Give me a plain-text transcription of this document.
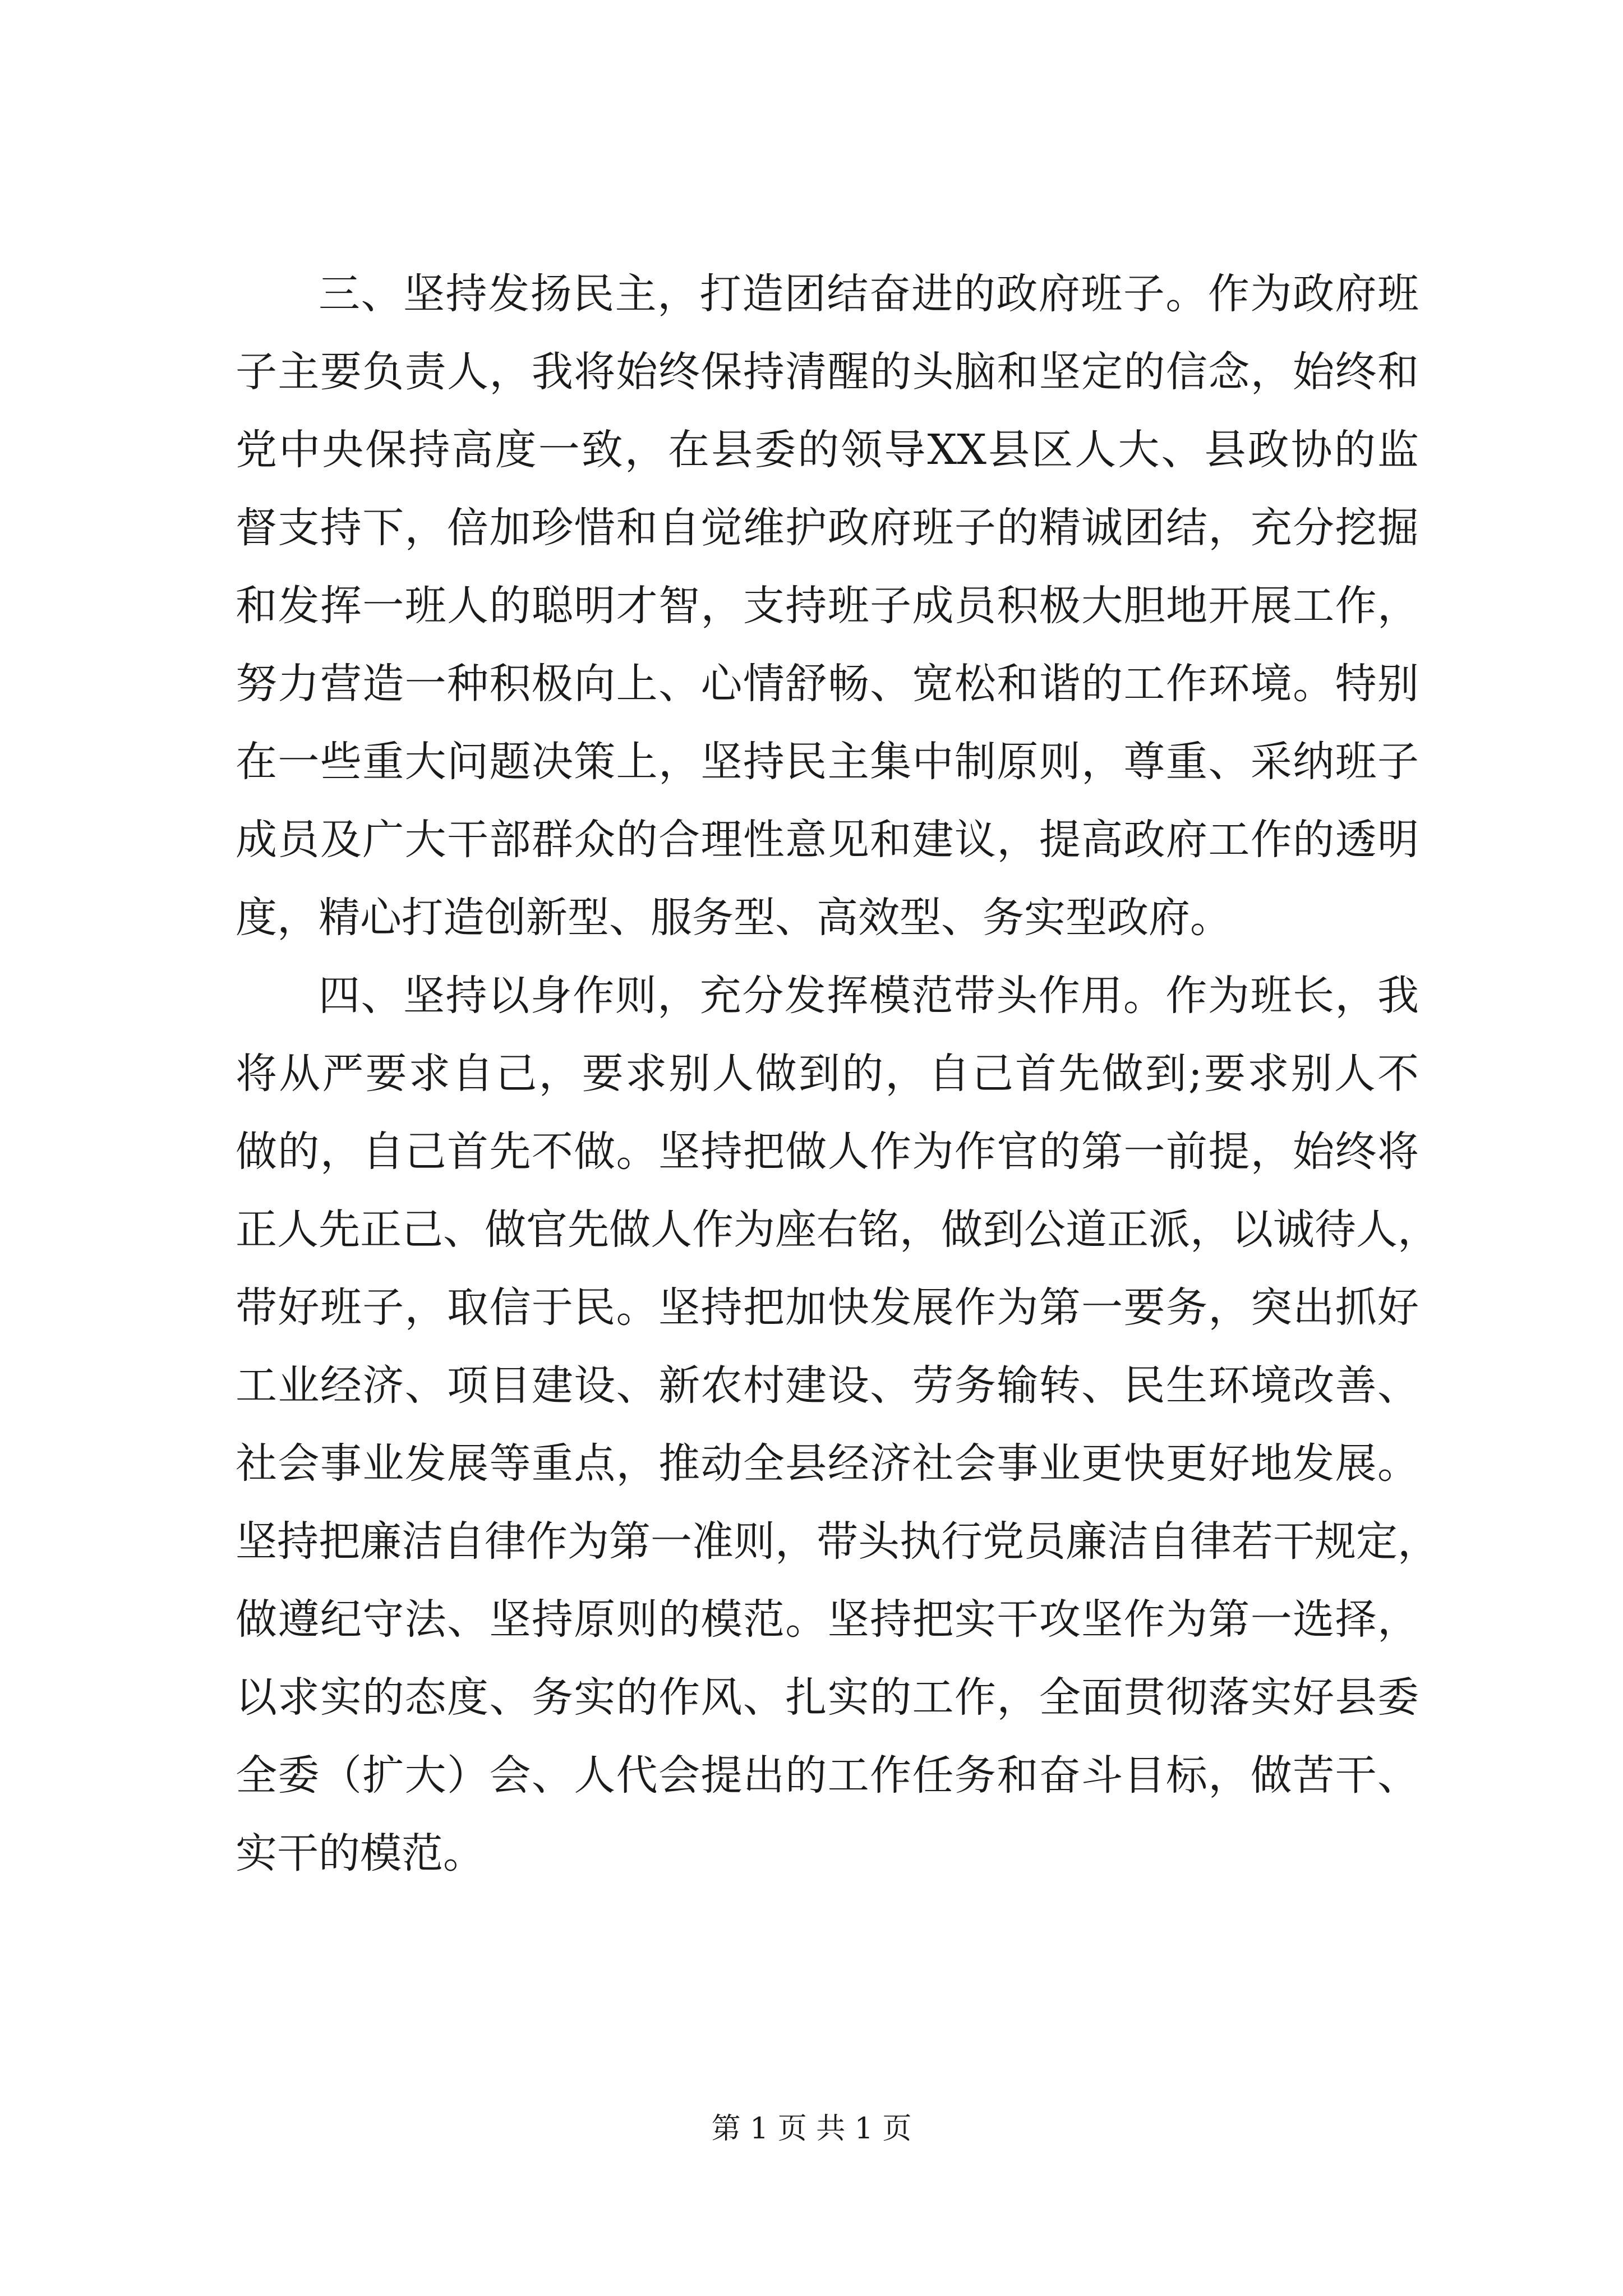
三、坚持发扬民主，打造团结奋进的政府班子。作为政府班
子主要负责人，我将始终保持清醒的头脑和坚定的信念，始终和
党中央保持高度一致，在县委的领导XX县区人大、县政协的监
督支持下，倍加珍惜和自觉维护政府班子的精诚团结，充分挖掘
和发挥一班人的聪明才智，支持班子成员积极大胆地开展工作，
努力营造一种积极向上、心情舒畅、宽松和谐的工作环境。特别
在一些重大问题决策上，坚持民主集中制原则，尊重、采纳班子
成员及广大干部群众的合理性意见和建议，提高政府工作的透明
度，精心打造创新型、服务型、高效型、务实型政府。
四、坚持以身作则，充分发挥模范带头作用。作为班长，我
将从严要求自己，要求别人做到的，自己首先做到;要求别人不
做的，自己首先不做。坚持把做人作为作官的第一前提，始终将
正人先正己、做官先做人作为座右铭，做到公道正派，以诚待人，
带好班子，取信于民。坚持把加快发展作为第一要务，突出抓好
工业经济、项目建设、新农村建设、劳务输转、民生环境改善、
社会事业发展等重点，推动全县经济社会事业更快更好地发展。
坚持把廉洁自律作为第一准则，带头执行党员廉洁自律若干规定，
做遵纪守法、坚持原则的模范。坚持把实干攻坚作为第一选择，
以求实的态度、务实的作风、扎实的工作，全面贯彻落实好县委
全委（扩大）会、人代会提出的工作任务和奋斗目标，做苦干、
实干的模范。
第 1 页 共 1 页
